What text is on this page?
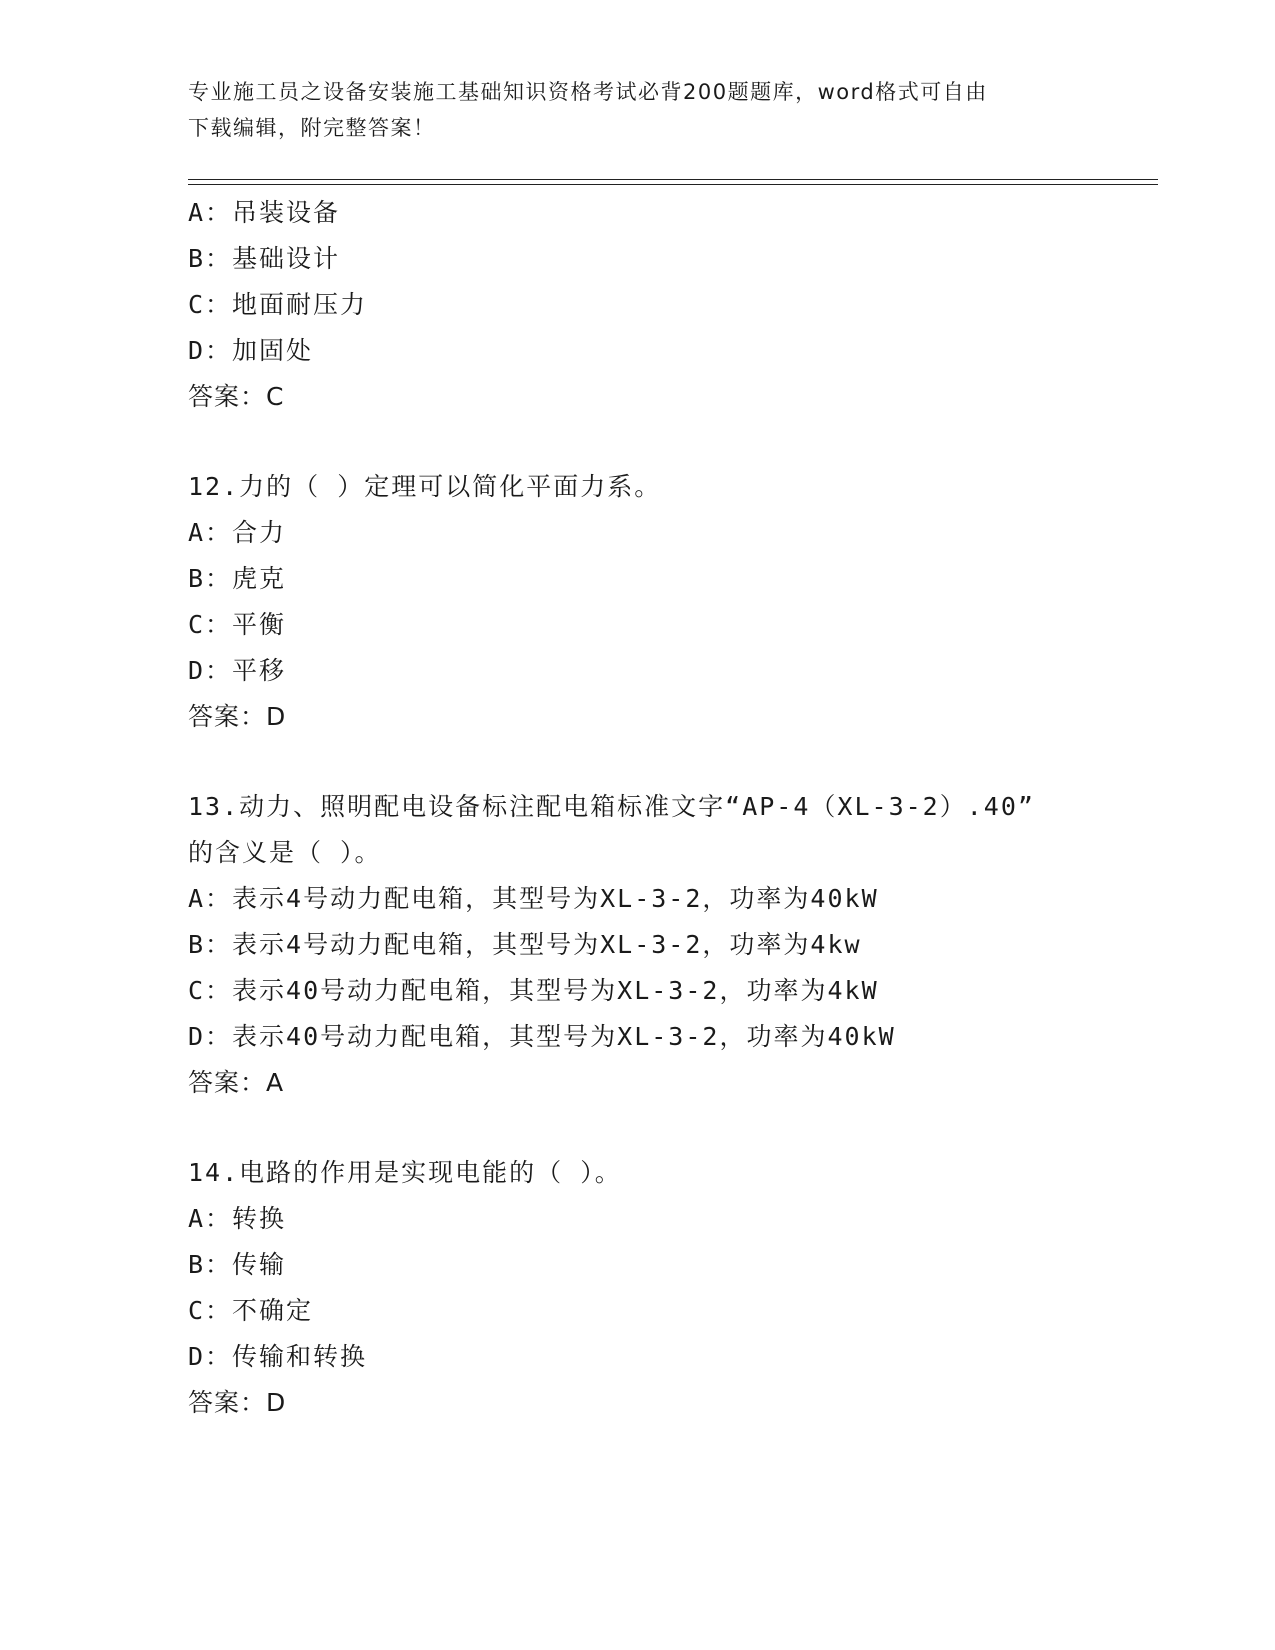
专业施工员之设备安装施工基础知识资格考试必背200题题库，word格式可自由
下载编辑，附完整答案！
A：吊装设备
B：基础设计
C：地面耐压力
D：加固处
答案：C
12.力的（ ）定理可以简化平面力系。
A：合力
B：虎克
C：平衡
D：平移
答案：D
13.动力、照明配电设备标注配电箱标准文字“AP-4（XL-3-2）.40”
的含义是（ ）。
A：表示4号动力配电箱，其型号为XL-3-2，功率为40kW
B：表示4号动力配电箱，其型号为XL-3-2，功率为4kw
C：表示40号动力配电箱，其型号为XL-3-2，功率为4kW
D：表示40号动力配电箱，其型号为XL-3-2，功率为40kW
答案：A
14.电路的作用是实现电能的（ ）。
A：转换
B：传输
C：不确定
D：传输和转换
答案：D
